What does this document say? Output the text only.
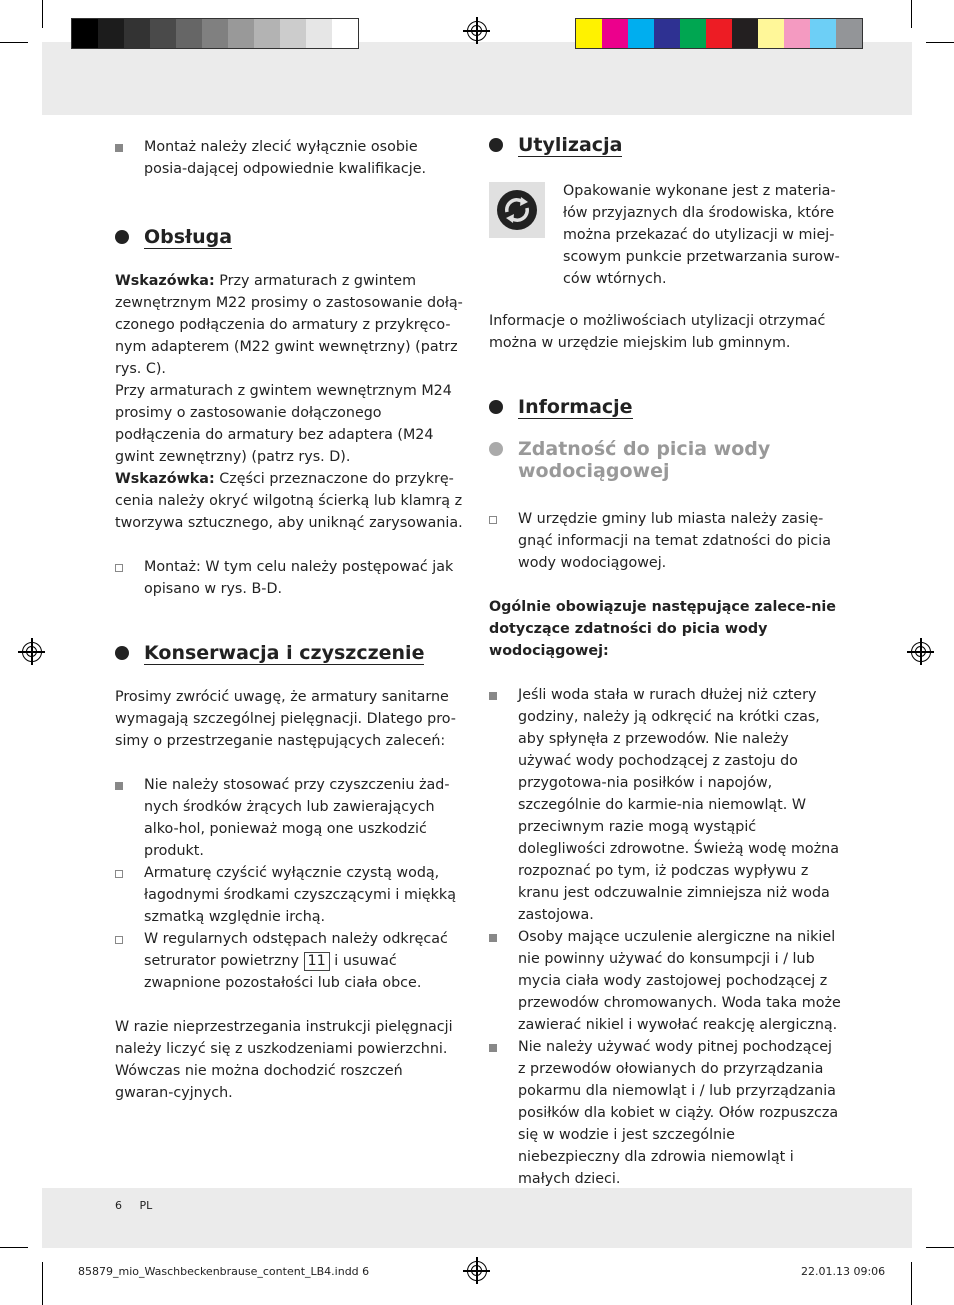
Montaż należy zlecić wyłącznie osobie posia-dającej odpowiednie kwalifikacje.
Obsługa

Wskazówka: Przy armaturach z gwintem zewnętrznym M22 prosimy o zastosowanie dołą-czonego podłączenia do armatury z przykręco-nym adapterem (M22 gwint wewnętrzny) (patrz rys. C).

Przy armaturach z gwintem wewnętrznym M24 prosimy o zastosowanie dołączonego podłączenia do armatury bez adaptera (M24 gwint zewnętrzny) (patrz rys. D).

Wskazówka: Części przeznaczone do przykrę-cenia należy okryć wilgotną ścierką lub klamrą z tworzywa sztucznego, aby uniknąć zarysowania.

Montaż: W tym celu należy postępować jak opisano w rys. B-D.
Konserwacja i czyszczenie

Prosimy zwrócić uwagę, że armatury sanitarne wymagają szczególnej pielęgnacji. Dlatego pro-simy o przestrzeganie następujących zaleceń:

Nie należy stosować przy czyszczeniu żad-nych środków żrących lub zawierających alko-hol, ponieważ mogą one uszkodzić produkt.
Armaturę czyścić wyłącznie czystą wodą, łagodnymi środkami czyszczącymi i miękką szmatką względnie irchą.
W regularnych odstępach należy odkręcać setrurator powietrzny 11 i usuwać zwapnione pozostałości lub ciała obce.

W razie nieprzestrzegania instrukcji pielęgnacji należy liczyć się z uszkodzeniami powierzchni. Wówczas nie można dochodzić roszczeń gwaran-cyjnych.

Utylizacja

Opakowanie wykonane jest z materia-łów przyjaznych dla środowiska, które można przekazać do utylizacji w miej-scowym punkcie przetwarzania surow-ców wtórnych.

Informacje o możliwościach utylizacji otrzymać można w urzędzie miejskim lub gminnym.

Informacje
Zdatność do picia wody wodociągowej
W urzędzie gminy lub miasta należy zasię-gnąć informacji na temat zdatności do picia wody wodociągowej.

Ogólnie obowiązuje następujące zalece-nie dotyczące zdatności do picia wody wodociągowej:

Jeśli woda stała w rurach dłużej niż cztery godziny, należy ją odkręcić na krótki czas, aby spłynęła z przewodów. Nie należy używać wody pochodzącej z zastoju do przygotowa-nia posiłków i napojów, szczególnie do karmie-nia niemowląt. W przeciwnym razie mogą wystąpić dolegliwości zdrowotne. Świeżą wodę można rozpoznać po tym, iż podczas wypływu z kranu jest odczuwalnie zimniejsza niż woda zastojowa.
Osoby mające uczulenie alergiczne na nikiel nie powinny używać do konsumpcji i / lub mycia ciała wody zastojowej pochodzącej z przewodów chromowanych. Woda taka może zawierać nikiel i wywołać reakcję alergiczną.
Nie należy używać wody pitnej pochodzącej z przewodów ołowianych do przyrządzania pokarmu dla niemowląt i / lub przyrządzania posiłków dla kobiet w ciąży. Ołów rozpuszcza się w wodzie i jest szczególnie niebezpieczny dla zdrowia niemowląt i małych dzieci.
6 PL
85879_mio_Waschbeckenbrause_content_LB4.indd 6	22.01.13 09:06
